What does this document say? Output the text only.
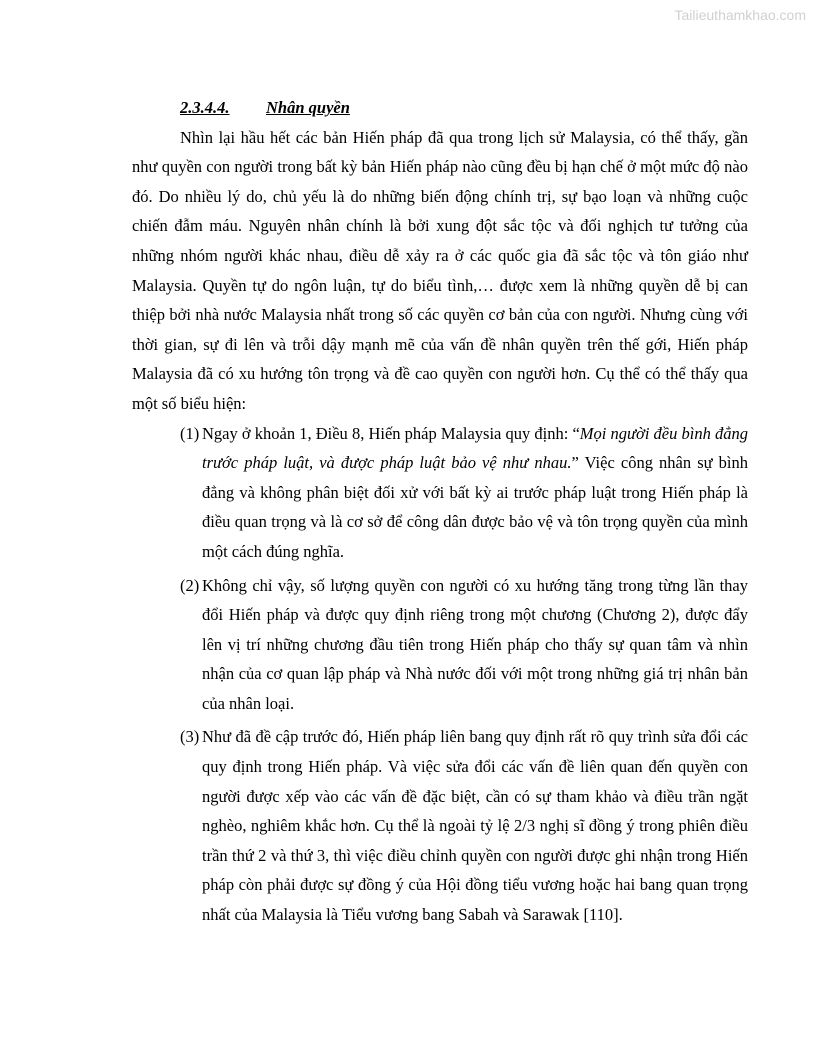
Tailieuthamkhao.com

2.3.4.4. Nhân quyền

Nhìn lại hầu hết các bản Hiến pháp đã qua trong lịch sử Malaysia, có thể thấy, gần như quyền con người trong bất kỳ bản Hiến pháp nào cũng đều bị hạn chế ở một mức độ nào đó. Do nhiều lý do, chủ yếu là do những biến động chính trị, sự bạo loạn và những cuộc chiến đẫm máu. Nguyên nhân chính là bởi xung đột sắc tộc và đối nghịch tư tưởng của những nhóm người khác nhau, điều dễ xảy ra ở các quốc gia đã sắc tộc và tôn giáo như Malaysia. Quyền tự do ngôn luận, tự do biểu tình,… được xem là những quyền dễ bị can thiệp bởi nhà nước Malaysia nhất trong số các quyền cơ bản của con người. Nhưng cùng với thời gian, sự đi lên và trỗi dậy mạnh mẽ của vấn đề nhân quyền trên thế gới, Hiến pháp Malaysia đã có xu hướng tôn trọng và đề cao quyền con người hơn. Cụ thể có thể thấy qua một số biểu hiện:

(1) Ngay ở khoản 1, Điều 8, Hiến pháp Malaysia quy định: “Mọi người đều bình đẳng trước pháp luật, và được pháp luật bảo vệ như nhau.” Việc công nhân sự bình đẳng và không phân biệt đối xử với bất kỳ ai trước pháp luật trong Hiến pháp là điều quan trọng và là cơ sở để công dân được bảo vệ và tôn trọng quyền của mình một cách đúng nghĩa.
(2) Không chỉ vậy, số lượng quyền con người có xu hướng tăng trong từng lần thay đổi Hiến pháp và được quy định riêng trong một chương (Chương 2), được đẩy lên vị trí những chương đầu tiên trong Hiến pháp cho thấy sự quan tâm và nhìn nhận của cơ quan lập pháp và Nhà nước đối với một trong những giá trị nhân bản của nhân loại.
(3) Như đã đề cập trước đó, Hiến pháp liên bang quy định rất rõ quy trình sửa đổi các quy định trong Hiến pháp. Và việc sửa đổi các vấn đề liên quan đến quyền con người được xếp vào các vấn đề đặc biệt, cần có sự tham khảo và điều trần ngặt nghèo, nghiêm khắc hơn. Cụ thể là ngoài tỷ lệ 2/3 nghị sĩ đồng ý trong phiên điều trần thứ 2 và thứ 3, thì việc điều chỉnh quyền con người được ghi nhận trong Hiến pháp còn phải được sự đồng ý của Hội đồng tiểu vương hoặc hai bang quan trọng nhất của Malaysia là Tiểu vương bang Sabah và Sarawak [110].
